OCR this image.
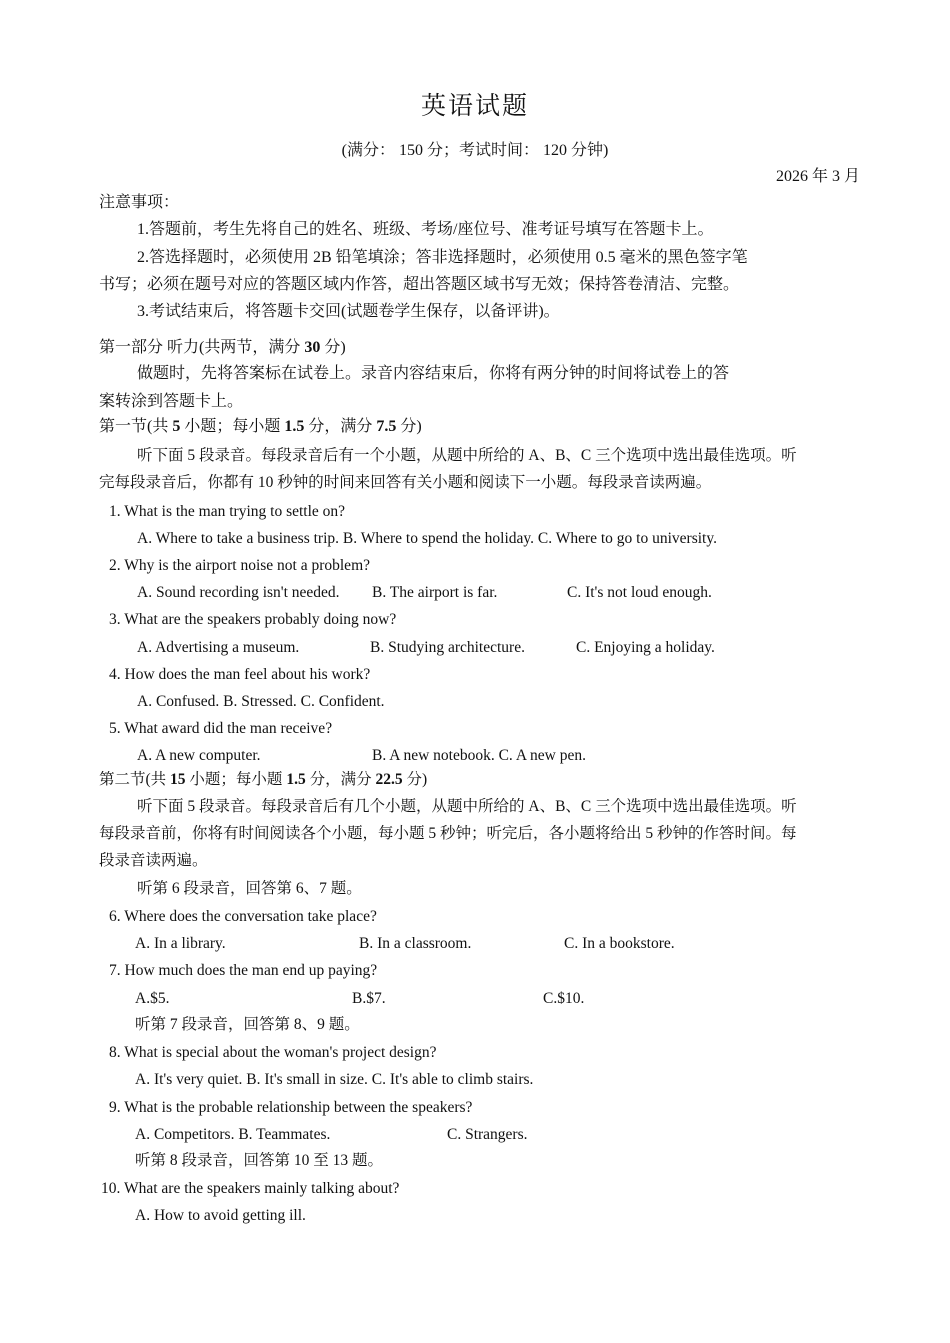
英语试题
(满分： 150 分；考试时间： 120 分钟)
2026 年 3 月
注意事项：
1.答题前，考生先将自己的姓名、班级、考场/座位号、准考证号填写在答题卡上。
2.答选择题时，必须使用 2B 铅笔填涂；答非选择题时，必须使用 0.5 毫米的黑色签字笔
书写；必须在题号对应的答题区域内作答，超出答题区域书写无效；保持答卷清洁、完整。
3.考试结束后，将答题卡交回(试题卷学生保存，以备评讲)。
第一部分 听力(共两节，满分 30 分)
做题时，先将答案标在试卷上。录音内容结束后，你将有两分钟的时间将试卷上的答
案转涂到答题卡上。
第一节(共 5 小题；每小题 1.5 分，满分 7.5 分)
听下面 5 段录音。每段录音后有一个小题，从题中所给的 A、B、C 三个选项中选出最佳选项。听
完每段录音后，你都有 10 秒钟的时间来回答有关小题和阅读下一小题。每段录音读两遍。
1. What is the man trying to settle on?
A. Where to take a business trip. B. Where to spend the holiday. C. Where to go to university.
2. Why is the airport noise not a problem?
A. Sound recording isn't needed. B. The airport is far.	C. It's not loud enough.
3. What are the speakers probably doing now?
A. Advertising a museum.	B. Studying architecture.	C. Enjoying a holiday.
4. How does the man feel about his work?
A. Confused. B. Stressed. C. Confident.
5. What award did the man receive?
A. A new computer.	B. A new notebook. C. A new pen.
第二节(共 15 小题；每小题 1.5 分，满分 22.5 分)
听下面 5 段录音。每段录音后有几个小题，从题中所给的 A、B、C 三个选项中选出最佳选项。听
每段录音前，你将有时间阅读各个小题，每小题 5 秒钟；听完后，各小题将给出 5 秒钟的作答时间。每
段录音读两遍。
听第 6 段录音，回答第 6、7 题。
6. Where does the conversation take place?
A. In a library.	B. In a classroom.	C. In a bookstore.
7. How much does the man end up paying?
A.$5.	B.$7.	C.$10.
听第 7 段录音，回答第 8、9 题。
8. What is special about the woman's project design?
A. It's very quiet. B. It's small in size. C. It's able to climb stairs.
9. What is the probable relationship between the speakers?
A. Competitors. B. Teammates.	C. Strangers.
听第 8 段录音，回答第 10 至 13 题。
10. What are the speakers mainly talking about?
A. How to avoid getting ill.
